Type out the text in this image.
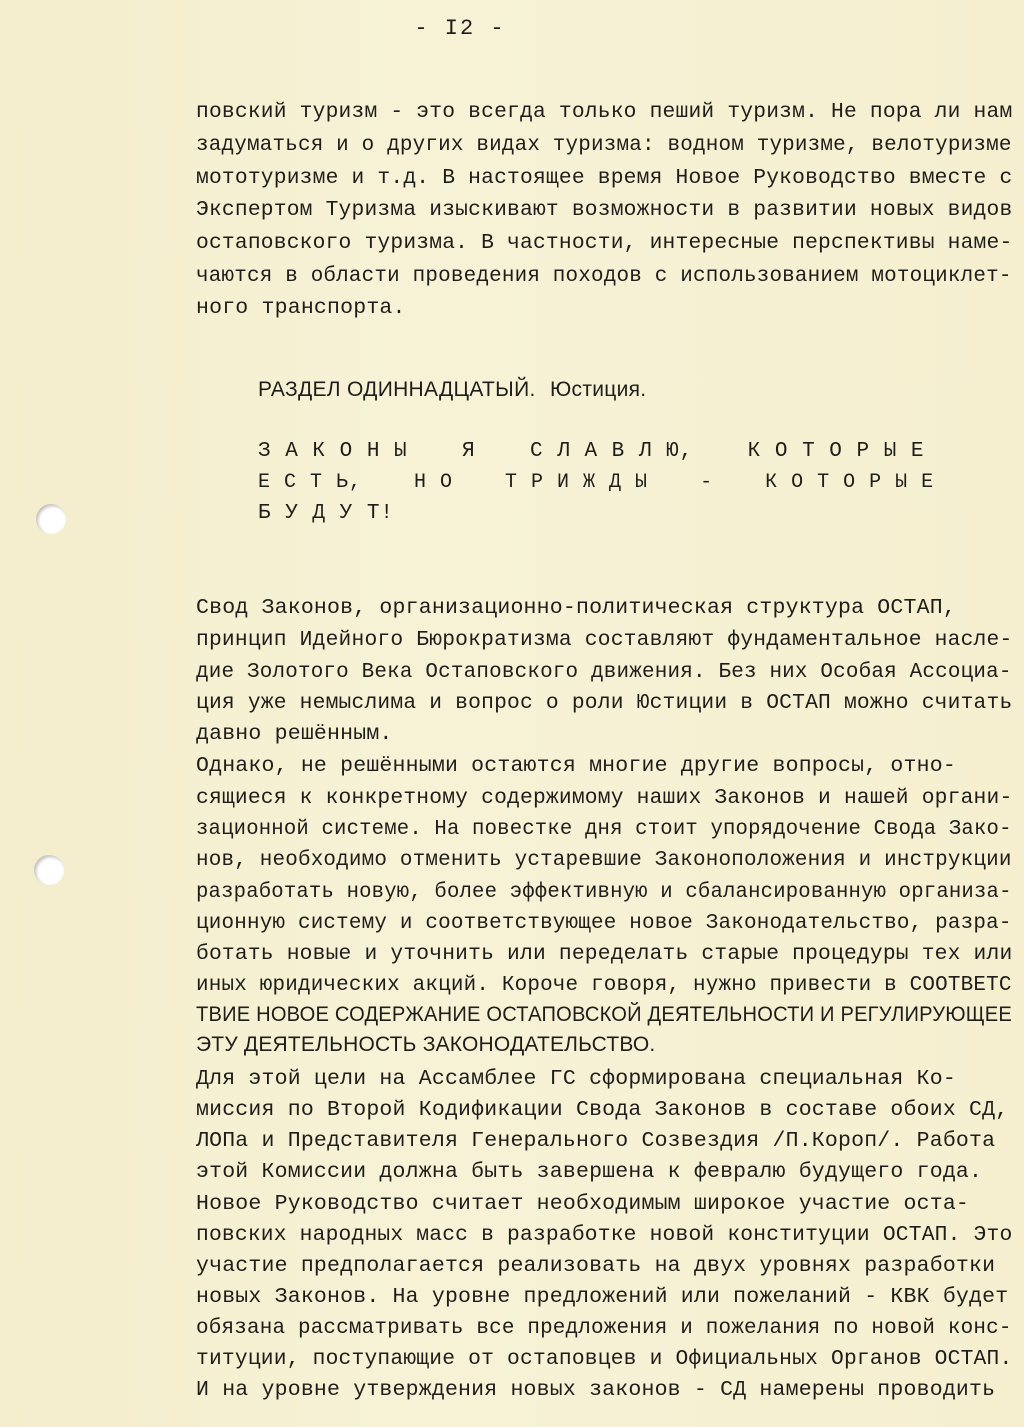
- I2 -
повский туризм - это всегда только пеший туризм. Не пора ли нам
задуматься и о других видах туризма: водном туризме, велотуризме
мототуризме и т.д. В настоящее время Новое Руководство вместе с
Экспертом Туризма изыскивают возможности в развитии новых видов
остаповского туризма. В частности, интересные перспективы наме-
чаются в области проведения походов с использованием мотоциклет-
ного транспорта.
РАЗДЕЛ ОДИННАДЦАТЫЙ. Юстиция.
З А К О Н Ы    Я    С Л А В Л Ю,    К О Т О Р Ы Е
Е С Т Ь,    Н О    Т Р И Ж Д Ы    -    К О Т О Р Ы Е
Б У Д У Т!
Свод Законов, организационно-политическая структура ОСТАП,
принцип Идейного Бюрократизма составляют фундаментальное насле-
дие Золотого Века Остаповского движения. Без них Особая Ассоциа-
ция уже немыслима и вопрос о роли Юстиции в ОСТАП можно считать
давно решённым.
Однако, не решёнными остаются многие другие вопросы, отно-
сящиеся к конкретному содержимому наших Законов и нашей органи-
зационной системе. На повестке дня стоит упорядочение Свода Зако-
нов, необходимо отменить устаревшие Законоположения и инструкции
разработать новую, более эффективную и сбалансированную организа-
ционную систему и соответствующее новое Законодательство, разра-
ботать новые и уточнить или переделать старые процедуры тех или
иных юридических акций. Короче говоря, нужно привести в СООТВЕТС
ТВИЕ НОВОЕ СОДЕРЖАНИЕ ОСТАПОВСКОЙ ДЕЯТЕЛЬНОСТИ И РЕГУЛИРУЮЩЕЕ
ЭТУ ДЕЯТЕЛЬНОСТЬ ЗАКОНОДАТЕЛЬСТВО.
Для этой цели на Ассамблее ГС сформирована специальная Ко-
миссия по Второй Кодификации Свода Законов в составе обоих СД,
ЛОПа и Представителя Генерального Созвездия /П.Короп/. Работа
этой Комиссии должна быть завершена к февралю будущего года.
Новое Руководство считает необходимым широкое участие оста-
повских народных масс в разработке новой конституции ОСТАП. Это
участие предполагается реализовать на двух уровнях разработки
новых Законов. На уровне предложений или пожеланий - КВК будет
обязана рассматривать все предложения и пожелания по новой конс-
титуции, поступающие от остаповцев и Официальных Органов ОСТАП.
И на уровне утверждения новых законов - СД намерены проводить
